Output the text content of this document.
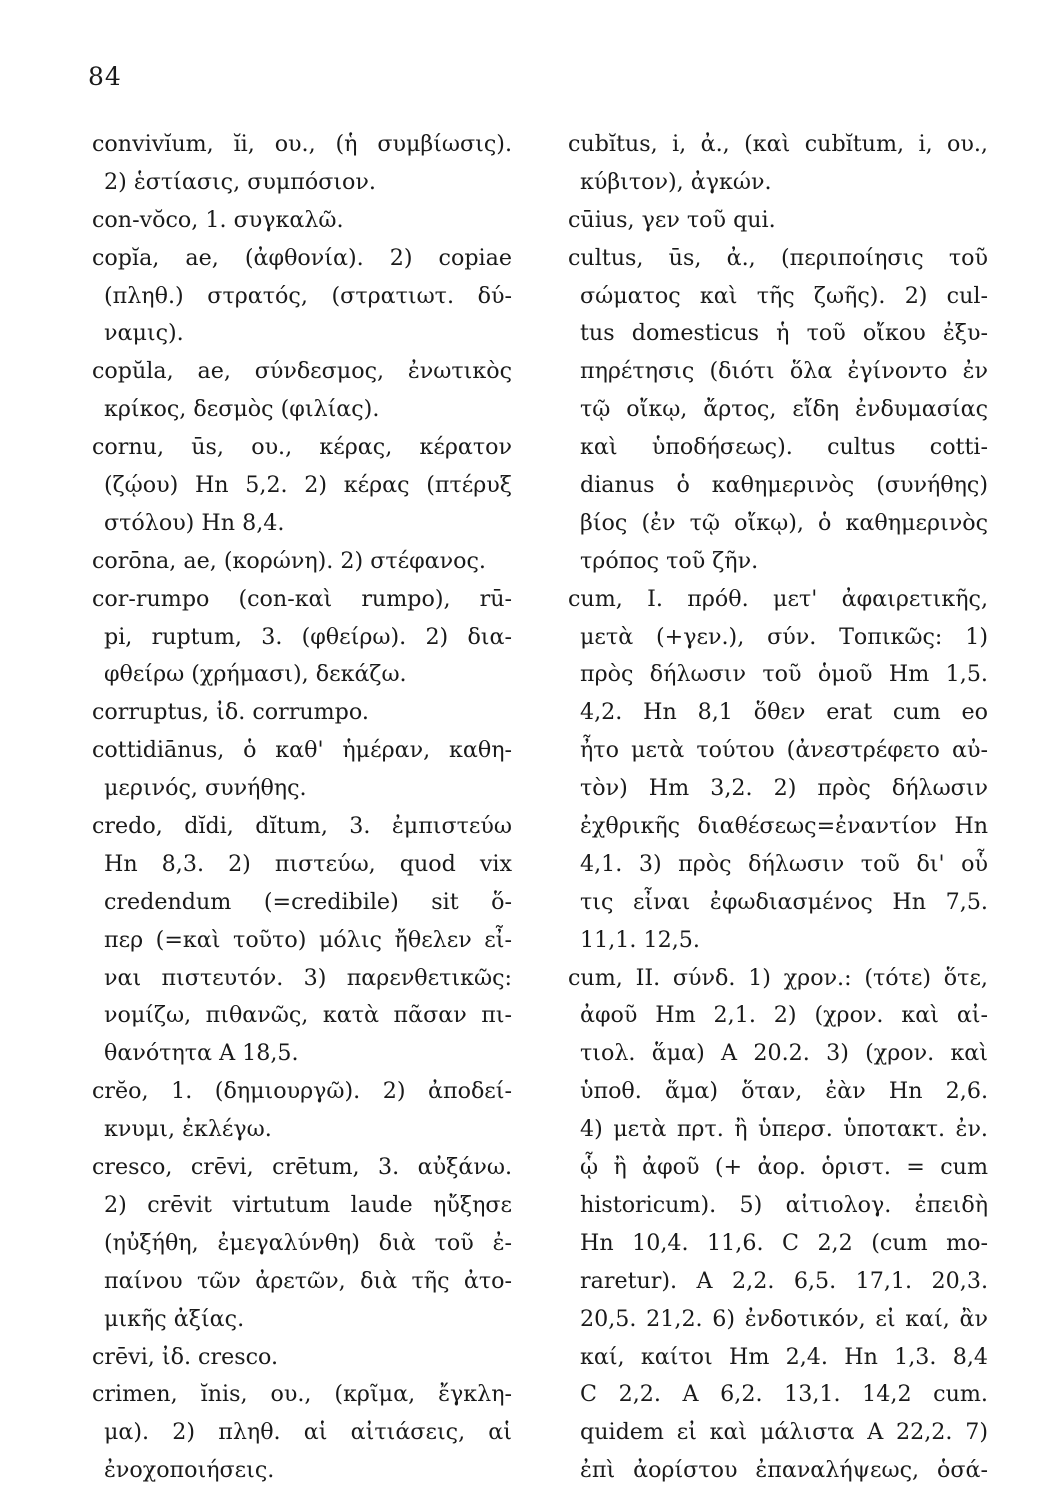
84
convivĭum, ĭi, ου., (ἡ συμβίωσις).
2) ἑστίασις, συμπόσιον.
con-vŏco, 1. συγκαλῶ.
copĭa, ae, (ἀφθονία). 2) copiae
(πληθ.) στρατός, (στρατιωτ. δύ-
ναμις).
copŭla, ae, σύνδεσμος, ἐνωτικὸς
κρίκος, δεσμὸς (φιλίας).
cornu, ūs, ου., κέρας, κέρατον
(ζῴου) Hn 5,2. 2) κέρας (πτέρυξ
στόλου) Hn 8,4.
corōna, ae, (κορώνη). 2) στέφανος.
cor-rumpo (con-καὶ rumpo), rū-
pi, ruptum, 3. (φθείρω). 2) δια-
φθείρω (χρήμασι), δεκάζω.
corruptus, ἰδ. corrumpo.
cottidiānus, ὁ καθ' ἡμέραν, καθη-
μερινός, συνήθης.
credo, dĭdi, dĭtum, 3. ἐμπιστεύω
Hn 8,3. 2) πιστεύω, quod vix
credendum (=credibile) sit ὅ-
περ (=καὶ τοῦτο) μόλις ἤθελεν εἶ-
ναι πιστευτόν. 3) παρενθετικῶς:
νομίζω, πιθανῶς, κατὰ πᾶσαν πι-
θανότητα A 18,5.
crĕo, 1. (δημιουργῶ). 2) ἀποδεί-
κνυμι, ἐκλέγω.
cresco, crēvi, crētum, 3. αὐξάνω.
2) crēvit virtutum laude ηὔξησε
(ηὐξήθη, ἐμεγαλύνθη) διὰ τοῦ ἐ-
παίνου τῶν ἀρετῶν, διὰ τῆς ἀτο-
μικῆς ἀξίας.
crēvi, ἰδ. cresco.
crimen, ĭnis, ου., (κρῖμα, ἔγκλη-
μα). 2) πληθ. αἱ αἰτιάσεις, αἱ
ἐνοχοποιήσεις.
cubĭtus, i, ἀ., (καὶ cubĭtum, i, ου.,
κύβιτον), ἀγκών.
cūius, γεν τοῦ qui.
cultus, ūs, ἀ., (περιποίησις τοῦ
σώματος καὶ τῆς ζωῆς). 2) cul-
tus domesticus ἡ τοῦ οἴκου ἐξυ-
πηρέτησις (διότι ὅλα ἐγίνοντο ἐν
τῷ οἴκῳ, ἄρτος, εἴδη ἐνδυμασίας
καὶ ὑποδήσεως). cultus cotti-
dianus ὁ καθημερινὸς (συνήθης)
βίος (ἐν τῷ οἴκῳ), ὁ καθημερινὸς
τρόπος τοῦ ζῆν.
cum, I. πρόθ. μετ' ἀφαιρετικῆς,
μετὰ (+γεν.), σύν. Τοπικῶς: 1)
πρὸς δήλωσιν τοῦ ὁμοῦ Hm 1,5.
4,2. Hn 8,1 ὅθεν erat cum eo
ἦτο μετὰ τούτου (ἀνεστρέφετο αὐ-
τὸν) Hm 3,2. 2) πρὸς δήλωσιν
ἐχθρικῆς διαθέσεως=ἐναντίον Hn
4,1. 3) πρὸς δήλωσιν τοῦ δι' οὗ
τις εἶναι ἐφωδιασμένος Hn 7,5.
11,1. 12,5.
cum, II. σύνδ. 1) χρον.: (τότε) ὅτε,
ἀφοῦ Hm 2,1. 2) (χρον. καὶ αἰ-
τιολ. ἅμα) A 20.2. 3) (χρον. καὶ
ὑποθ. ἅμα) ὅταν, ἐὰν Hn 2,6.
4) μετὰ πρτ. ἢ ὑπερσ. ὑποτακτ. ἐν.
ᾧ ἢ ἀφοῦ (+ ἀορ. ὁριστ. = cum
historicum). 5) αἰτιολογ. ἐπειδὴ
Hn 10,4. 11,6. C 2,2 (cum mo-
raretur). A 2,2. 6,5. 17,1. 20,3.
20,5. 21,2. 6) ἐνδοτικόν, εἰ καί, ἂν
καί, καίτοι Hm 2,4. Hn 1,3. 8,4
C 2,2. A 6,2. 13,1. 14,2 cum.
quidem εἰ καὶ μάλιστα A 22,2. 7)
ἐπὶ ἀορίστου ἐπαναλήψεως, ὁσά-
